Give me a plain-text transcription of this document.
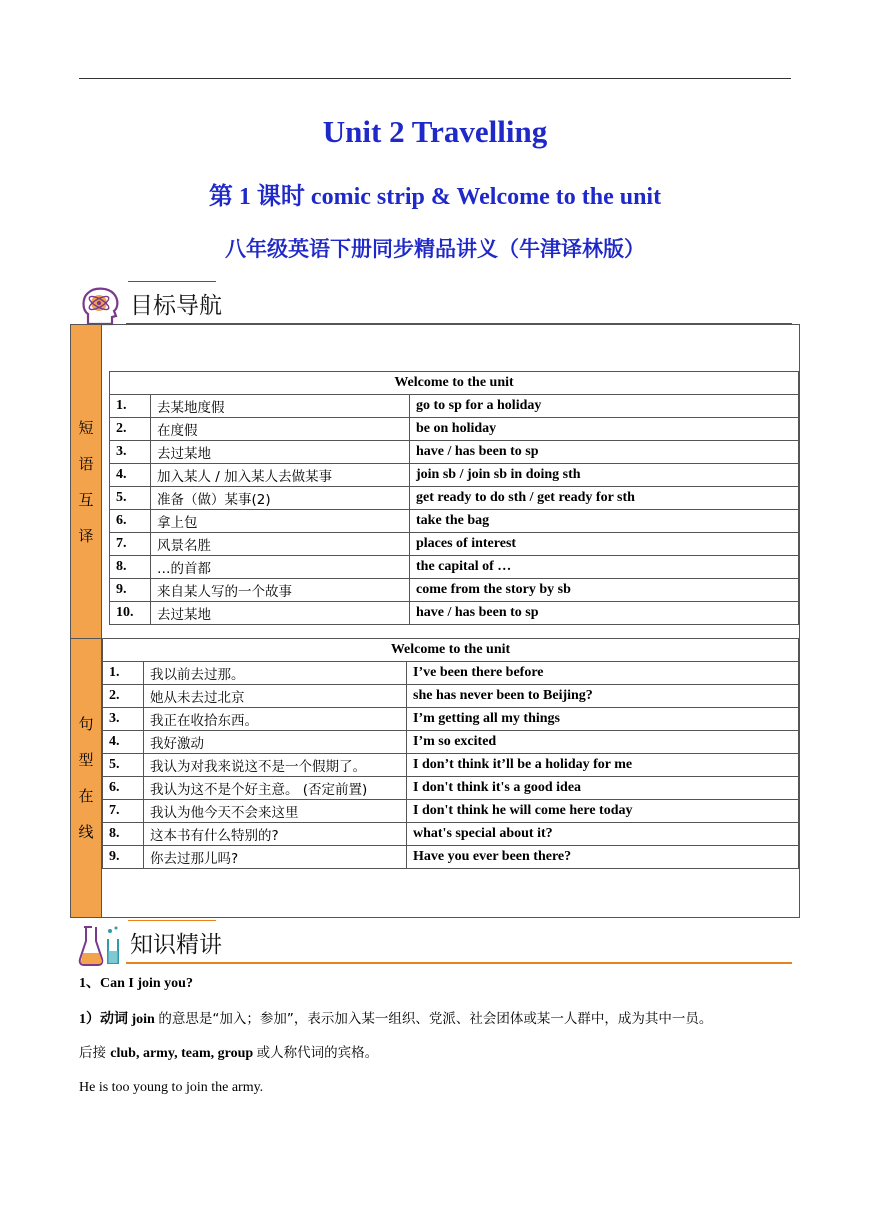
Unit 2 Travelling
第 1 课时 comic strip & Welcome to the unit
八年级英语下册同步精品讲义（牛津译林版）
目标导航
短
语
互
译
句
型
在
线
Welcome to the unit		
1.	去某地度假	go to sp for a holiday
2.	在度假	be on holiday
3.	去过某地	have / has been to sp
4.	加入某人 / 加入某人去做某事	join sb / join sb in doing sth
5.	准备（做）某事(2)	get ready to do sth / get ready for sth
6.	拿上包	take the bag
7.	风景名胜	places of interest
8.	…的首都	the capital of …
9.	来自某人写的一个故事	come from the story by sb
10.	去过某地	have / has been to sp
Welcome to the unit		
1.	我以前去过那。	I’ve been there before
2.	她从未去过北京	she has never been to Beijing?
3.	我正在收拾东西。	I’m getting all my things
4.	我好激动	I’m so excited
5.	我认为对我来说这不是一个假期了。	I don’t think it’ll be a holiday for me
6.	我认为这不是个好主意。 (否定前置)	I don't think it's a good idea
7.	我认为他今天不会来这里	I don't think he will come here today
8.	这本书有什么特别的?	what's special about it?
9.	你去过那儿吗?	Have you ever been there?
知识精讲

1、Can I join you?

1）动词 join 的意思是“加入；参加”，表示加入某一组织、党派、社会团体或某一人群中，成为其中一员。

后接 club, army, team, group 或人称代词的宾格。

He is too young to join the army.
